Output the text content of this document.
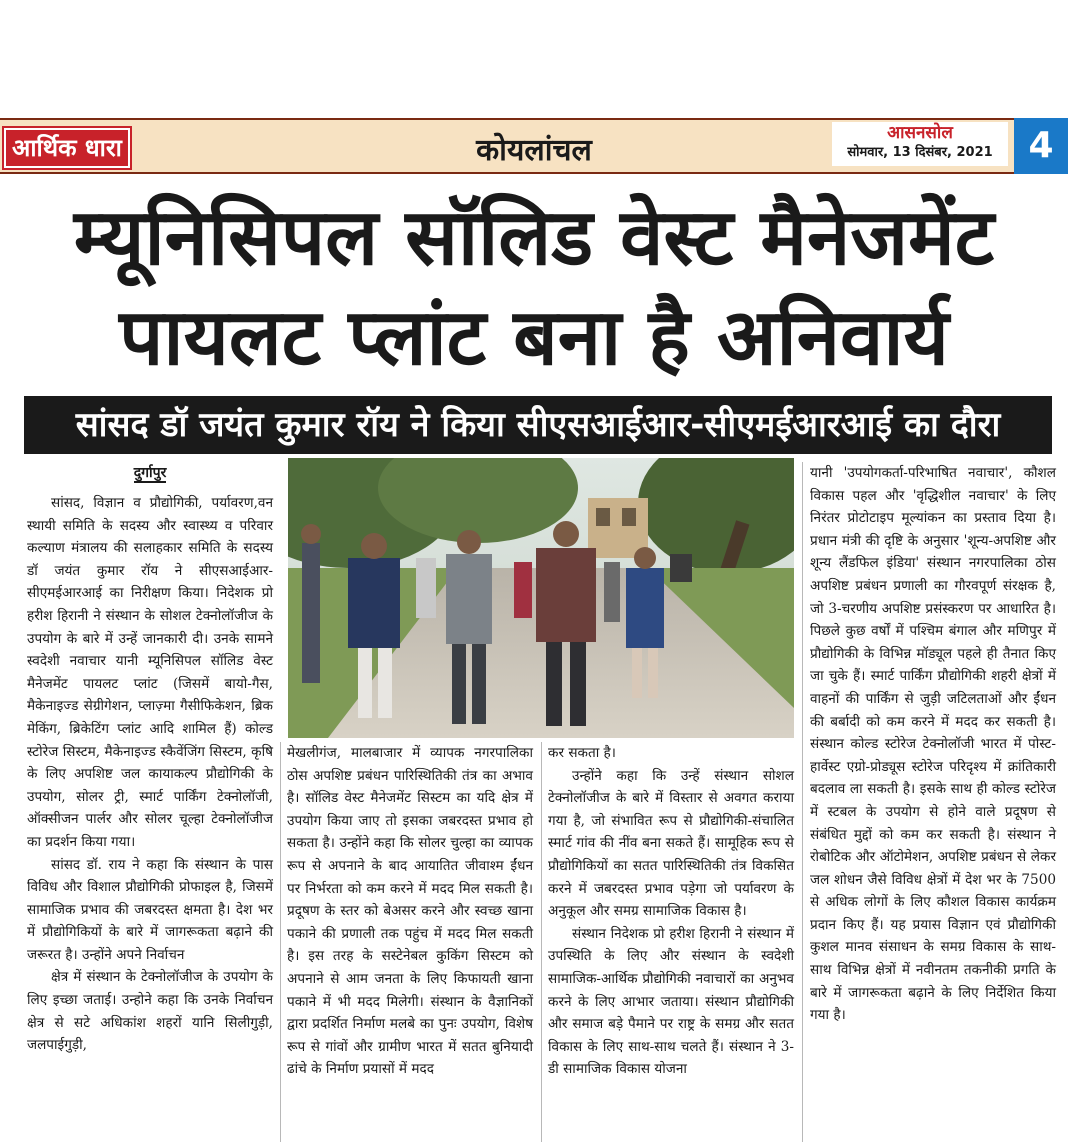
आर्थिक धारा	कोयलांचल	आसनसोल
सोमवार, 13 दिसंबर, 2021 4
म्यूनिसिपल सॉलिड वेस्ट मैनेजमेंट
पायलट प्लांट बना है अनिवार्य
सांसद डॉ जयंत कुमार रॉय ने किया सीएसआईआर-सीएमईआरआई का दौरा
दुर्गापुर

सांसद, विज्ञान व प्रौद्योगिकी, पर्यावरण,वन स्थायी समिति के सदस्य और स्वास्थ्य व परिवार कल्याण मंत्रालय की सलाहकार समिति के सदस्य डॉ जयंत कुमार रॉय ने सीएसआईआर-सीएमईआरआई का निरीक्षण किया। निदेशक प्रो हरीश हिरानी ने संस्थान के सोशल टेक्नोलॉजीज के उपयोग के बारे में उन्हें जानकारी दी। उनके सामने स्वदेशी नवाचार यानी म्यूनिसिपल सॉलिड वेस्ट मैनेजमेंट पायलट प्लांट (जिसमें बायो-गैस, मैकेनाइज्ड सेग्रीगेशन, प्लाज़्मा गैसीफिकेशन, ब्रिक मेकिंग, ब्रिकेटिंग प्लांट आदि शामिल हैं) कोल्ड स्टोरेज सिस्टम, मैकेनाइज्ड स्कैवेंजिंग सिस्टम, कृषि के लिए अपशिष्ट जल कायाकल्प प्रौद्योगिकी के उपयोग, सोलर ट्री, स्मार्ट पार्किंग टेक्नोलॉजी, ऑक्सीजन पार्लर और सोलर चूल्हा टेक्नोलॉजीज का प्रदर्शन किया गया।

सांसद डॉ. राय ने कहा कि संस्थान के पास विविध और विशाल प्रौद्योगिकी प्रोफाइल है, जिसमें सामाजिक प्रभाव की जबरदस्त क्षमता है। देश भर में प्रौद्योगिकियों के बारे में जागरूकता बढ़ाने की जरूरत है। उन्होंने अपने निर्वाचन

क्षेत्र में संस्थान के टेक्नोलॉजीज के उपयोग के लिए इच्छा जताई। उन्होने कहा कि उनके निर्वाचन क्षेत्र से सटे अधिकांश शहरों यानि सिलीगुड़ी, जलपाईगुड़ी,

मेखलीगंज, मालबाजार में व्यापक नगरपालिका ठोस अपशिष्ट प्रबंधन पारिस्थितिकी तंत्र का अभाव है। सॉलिड वेस्ट मैनेजमेंट सिस्टम का यदि क्षेत्र में उपयोग किया जाए तो इसका जबरदस्त प्रभाव हो सकता है। उन्होंने कहा कि सोलर चुल्हा का व्यापक रूप से अपनाने के बाद आयातित जीवाश्म ईंधन पर निर्भरता को कम करने में मदद मिल सकती है। प्रदूषण के स्तर को बेअसर करने और स्वच्छ खाना पकाने की प्रणाली तक पहुंच में मदद मिल सकती है। इस तरह के सस्टेनेबल कुकिंग सिस्टम को अपनाने से आम जनता के लिए किफायती खाना पकाने में भी मदद मिलेगी। संस्थान के वैज्ञानिकों द्वारा प्रदर्शित निर्माण मलबे का पुनः उपयोग, विशेष रूप से गांवों और ग्रामीण भारत में सतत बुनियादी ढांचे के निर्माण प्रयासों में मदद

कर सकता है।

उन्होंने कहा कि उन्हें संस्थान सोशल टेक्नोलॉजीज के बारे में विस्तार से अवगत कराया गया है, जो संभावित रूप से प्रौद्योगिकी-संचालित स्मार्ट गांव की नींव बना सकते हैं। सामूहिक रूप से प्रौद्योगिकियों का सतत पारिस्थितिकी तंत्र विकसित करने में जबरदस्त प्रभाव पड़ेगा जो पर्यावरण के अनुकूल और समग्र सामाजिक विकास है।

संस्थान निदेशक प्रो हरीश हिरानी ने संस्थान में उपस्थिति के लिए और संस्थान के स्वदेशी सामाजिक-आर्थिक प्रौद्योगिकी नवाचारों का अनुभव करने के लिए आभार जताया। संस्थान प्रौद्योगिकी और समाज बड़े पैमाने पर राष्ट्र के समग्र और सतत विकास के लिए साथ-साथ चलते हैं। संस्थान ने 3-डी सामाजिक विकास योजना

यानी 'उपयोगकर्ता-परिभाषित नवाचार', कौशल विकास पहल और 'वृद्धिशील नवाचार' के लिए निरंतर प्रोटोटाइप मूल्यांकन का प्रस्ताव दिया है। प्रधान मंत्री की दृष्टि के अनुसार 'शून्य-अपशिष्ट और शून्य लैंडफिल इंडिया' संस्थान नगरपालिका ठोस अपशिष्ट प्रबंधन प्रणाली का गौरवपूर्ण संरक्षक है, जो 3-चरणीय अपशिष्ट प्रसंस्करण पर आधारित है। पिछले कुछ वर्षों में पश्चिम बंगाल और मणिपुर में प्रौद्योगिकी के विभिन्न मॉड्यूल पहले ही तैनात किए जा चुके हैं। स्मार्ट पार्किंग प्रौद्योगिकी शहरी क्षेत्रों में वाहनों की पार्किंग से जुड़ी जटिलताओं और ईंधन की बर्बादी को कम करने में मदद कर सकती है। संस्थान कोल्ड स्टोरेज टेक्नोलॉजी भारत में पोस्ट-हार्वेस्ट एग्रो-प्रोड्यूस स्टोरेज परिदृश्य में क्रांतिकारी बदलाव ला सकती है। इसके साथ ही कोल्ड स्टोरेज में स्टबल के उपयोग से होने वाले प्रदूषण से संबंधित मुद्दों को कम कर सकती है। संस्थान ने रोबोटिक और ऑटोमेशन, अपशिष्ट प्रबंधन से लेकर जल शोधन जैसे विविध क्षेत्रों में देश भर के 7500 से अधिक लोगों के लिए कौशल विकास कार्यक्रम प्रदान किए हैं। यह प्रयास विज्ञान एवं प्रौद्योगिकी कुशल मानव संसाधन के समग्र विकास के साथ-साथ विभिन्न क्षेत्रों में नवीनतम तकनीकी प्रगति के बारे में जागरूकता बढ़ाने के लिए निर्देशित किया गया है।
